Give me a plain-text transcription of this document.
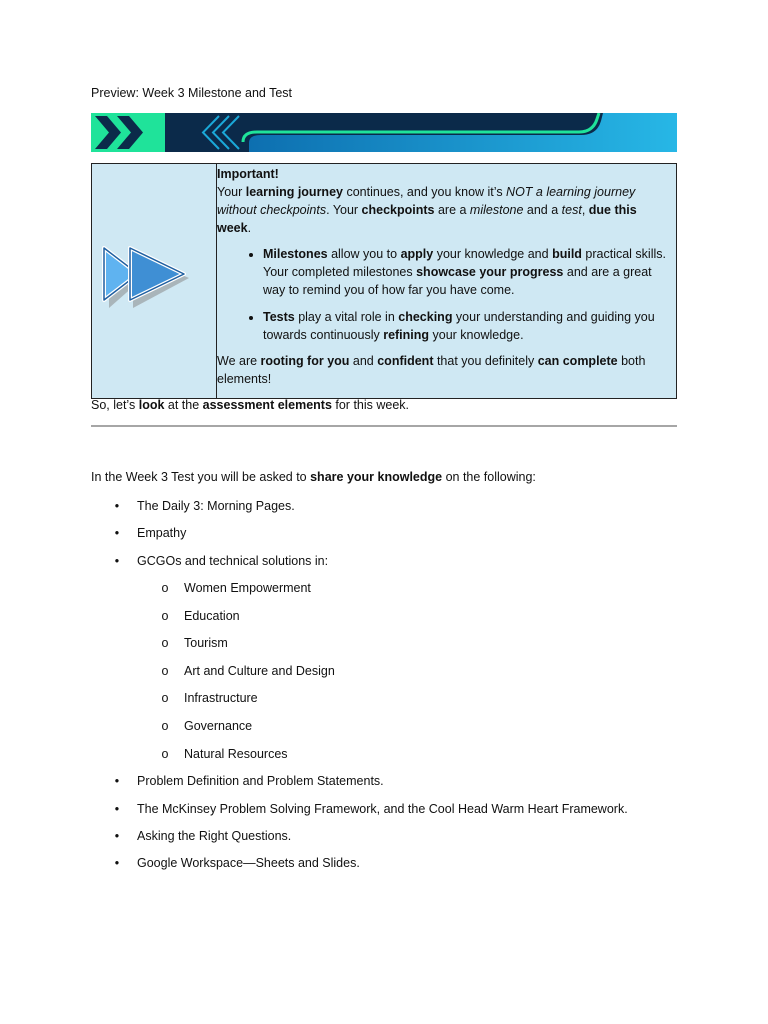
Preview: Week 3 Milestone and Test

Important!

Your learning journey continues, and you know it’s NOT a learning journey without checkpoints. Your checkpoints are a milestone and a test, due this week.

• Milestones allow you to apply your knowledge and build practical skills. Your completed milestones showcase your progress and are a great way to remind you of how far you have come.
• Tests play a vital role in checking your understanding and guiding you towards continuously refining your knowledge.

We are rooting for you and confident that you definitely can complete both elements!

So, let’s look at the assessment elements for this week.
In the Week 3 Test you will be asked to share your knowledge on the following:
•	The Daily 3: Morning Pages.
•	Empathy
•	GCGOs and technical solutions in:
o	Women Empowerment
o	Education
o	Tourism
o	Art and Culture and Design
o	Infrastructure
o	Governance
o	Natural Resources
•	Problem Definition and Problem Statements.
•	The McKinsey Problem Solving Framework, and the Cool Head Warm Heart Framework.
•	Asking the Right Questions.
•	Google Workspace—Sheets and Slides.
